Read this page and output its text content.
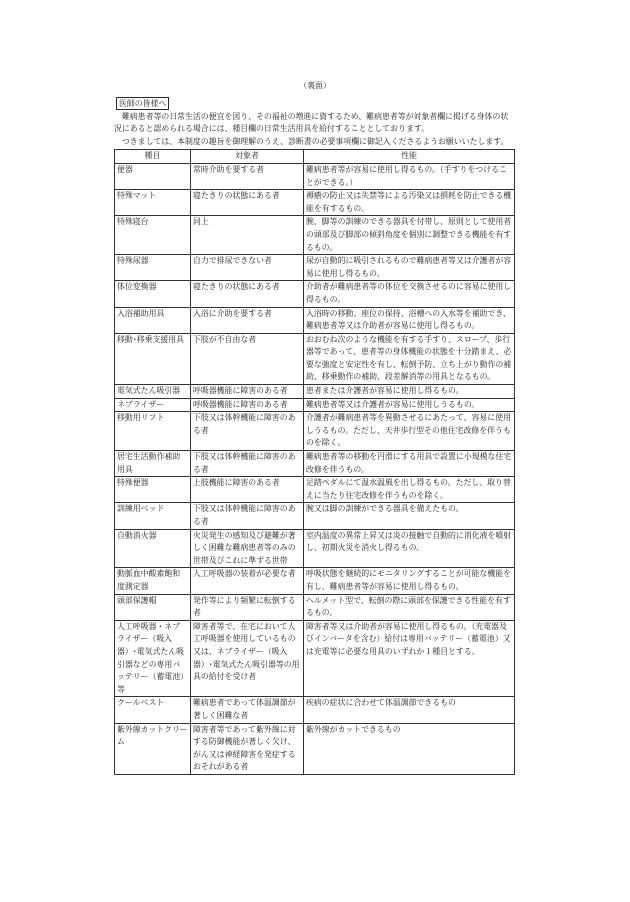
（裏面）
医師の皆様へ

難病患者等の日常生活の便宜を図り、その福祉の増進に資するため、難病患者等が対象者欄に掲げる身体の状況にあると認められる場合には、種目欄の日常生活用具を給付することとしております。

つきましては、本制度の趣旨を御理解のうえ、診断書の必要事項欄に御記入くださるようお願いいたします。

種目	対象者	性能
便器	常時介助を要する者	難病患者等が容易に使用し得るもの。（手すりをつけることができる。）
特殊マット	寝たきりの状態にある者	褥瘡の防止又は失禁等による汚染又は損耗を防止できる機能を有するもの。
特殊寝台	同上	腕、脚等の訓練のできる器具を付帯し、原則として使用者の頭部及び脚部の傾斜角度を個別に調整できる機能を有するもの。
特殊尿器	自力で排尿できない者	尿が自動的に吸引されるもので難病患者等又は介護者が容易に使用し得るもの。
体位変換器	寝たきりの状態にある者	介助者が難病患者等の体位を交換させるのに容易に使用し得るもの。
入浴補助用具	入浴に介助を要する者	入浴時の移動、座位の保持、浴槽への入水等を補助でき、難病患者等又は介助者が容易に使用し得るもの。
移動･移乗支援用具	下肢が不自由な者	おおむね次のような機能を有する手すり、スロープ、歩行器等であって、患者等の身体機能の状態を十分踏まえ、必要な強度と安定性を有し、転倒予防、立ち上がり動作の補助、移乗動作の補助、段差解消等の用具となるもの。
電気式たん吸引器	呼吸器機能に障害のある者	患者または介護者が容易に使用し得るもの。
ネブライザー	呼吸器機能に障害のある者	難病患者等又は介護者が容易に使用しうるもの。
移動用リフト	下肢又は体幹機能に障害のある者	介護者が難病患者等を異動させるにあたって、容易に使用しうるもの。ただし、天井歩行型その他住宅改修を伴うものを除く。
居宅生活動作補助用具	下肢又は体幹機能に障害のある者	難病患者等の移動を円滑にする用具で設置に小規模な住宅改修を伴うもの。
特殊便器	上肢機能に障害のある者	足踏ペダルにて温水温風を出し得るもの。ただし、取り替えに当たり住宅改修を伴うものを除く。
訓練用ベッド	下肢又は体幹機能に障害のある者	腕又は脚の訓練ができる器具を備えたもの。
自動消火器	火災発生の感知及び避難が著しく困難な難病患者等のみの世帯及びこれに準ずる世帯	室内温度の異常上昇又は炎の接触で自動的に消化液を噴射し、初期火災を消火し得るもの。
動脈血中酸素飽和度測定器	人工呼吸器の装着が必要な者	呼吸状態を継続的にモニタリングすることが可能な機能を有し、難病患者等が容易に使用し得るもの。
頭部保護帽	発作等により頻繁に転倒する者	ヘルメット型で、転倒の際に頭部を保護できる性能を有するもの。
人工呼吸器・ネブライザー（吸入器）･電気式たん吸引器などの専用バッテリー（蓄電池）等	障害者等で、在宅において人工呼吸器を使用しているもの又は、ネブライザー（吸入器）･電気式たん吸引器等の用具の給付を受け者	障害者等又は介助者が容易に使用し得るもの。（充電器及びインバータを含む）給付は専用バッテリー（蓄電池）又は充電等に必要な用具のいずれか１種目とする。
クールベスト	難病患者であって体温調節が著しく困難な者	疾病の症状に合わせて体温調節できるもの
紫外線カットクリーム	障害者等であって紫外線に対する防御機能が著しく欠け、がん又は神経障害を発症するおそれがある者	紫外線がカットできるもの
